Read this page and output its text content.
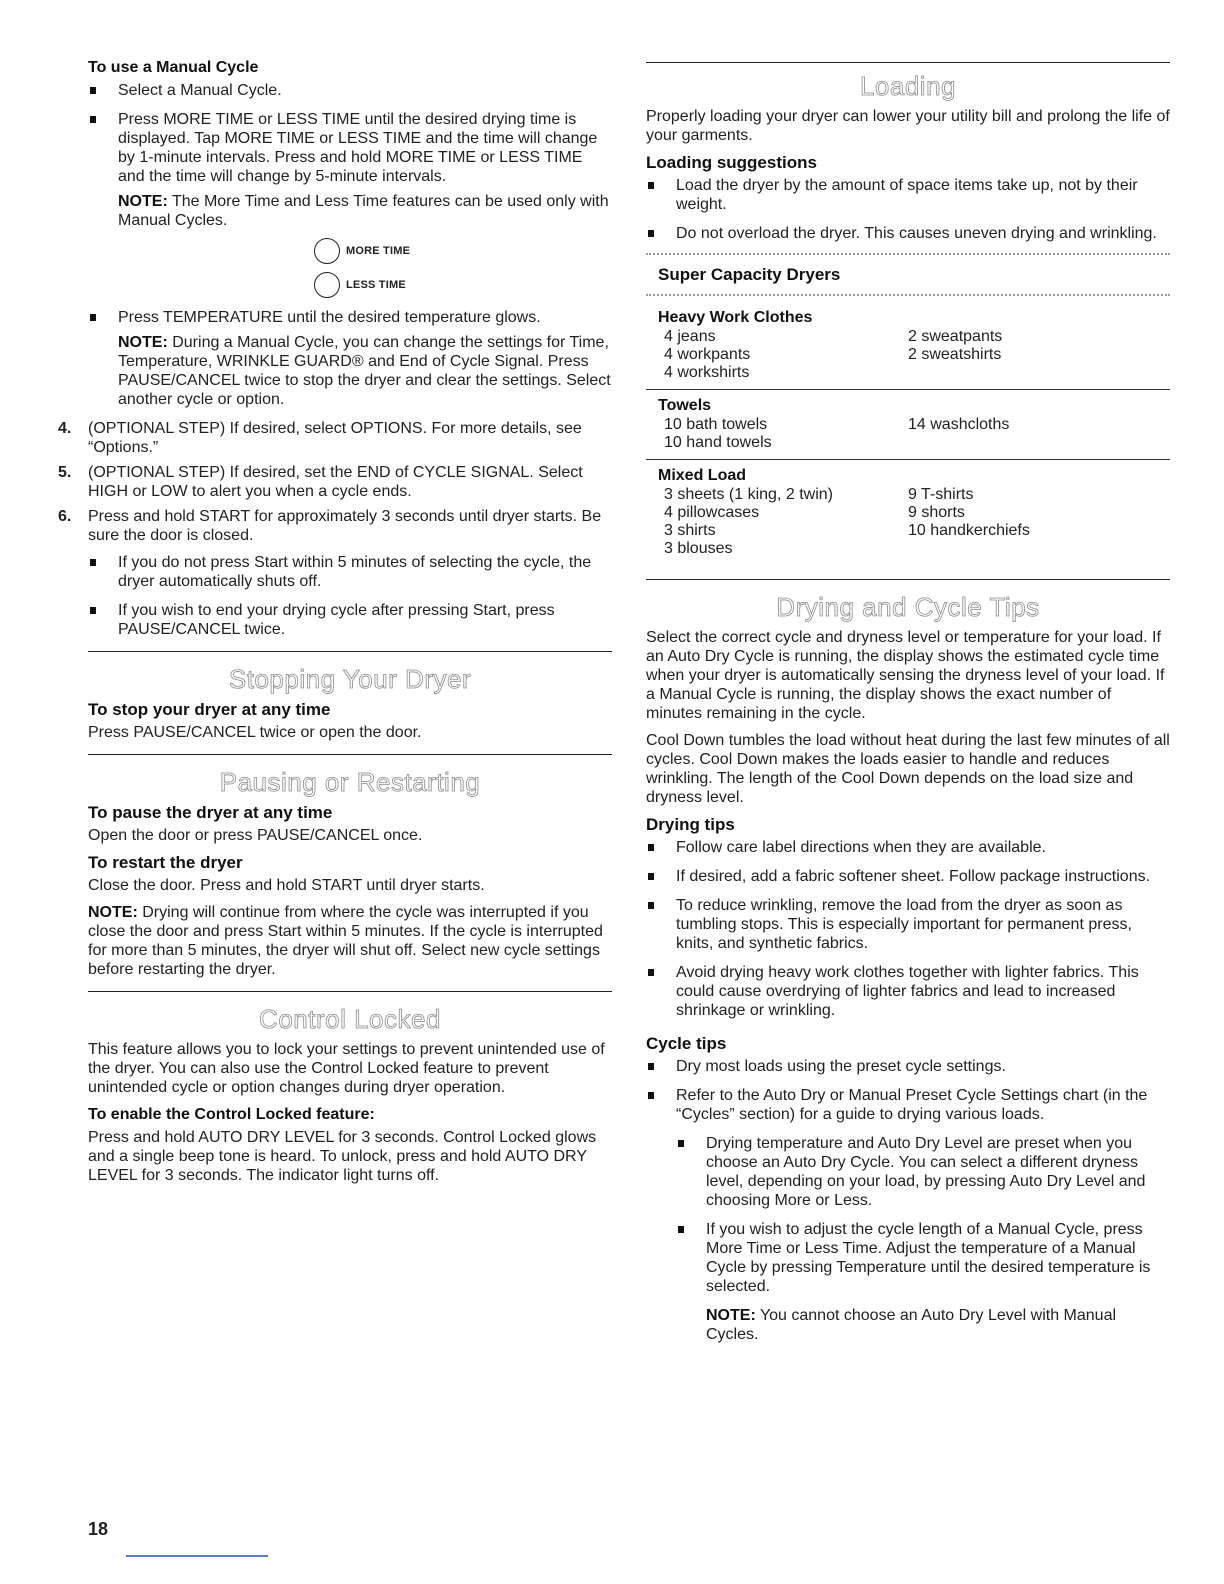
To use a Manual Cycle
Select a Manual Cycle.
Press MORE TIME or LESS TIME until the desired drying time is displayed. Tap MORE TIME or LESS TIME and the time will change by 1-minute intervals. Press and hold MORE TIME or LESS TIME and the time will change by 5-minute intervals.
NOTE: The More Time and Less Time features can be used only with Manual Cycles.
MORE TIME
LESS TIME
Press TEMPERATURE until the desired temperature glows.
NOTE: During a Manual Cycle, you can change the settings for Time, Temperature, WRINKLE GUARD® and End of Cycle Signal. Press PAUSE/CANCEL twice to stop the dryer and clear the settings. Select another cycle or option.
4. (OPTIONAL STEP) If desired, select OPTIONS. For more details, see “Options.”
5. (OPTIONAL STEP) If desired, set the END of CYCLE SIGNAL. Select HIGH or LOW to alert you when a cycle ends.
6. Press and hold START for approximately 3 seconds until dryer starts. Be sure the door is closed.
If you do not press Start within 5 minutes of selecting the cycle, the dryer automatically shuts off.
If you wish to end your drying cycle after pressing Start, press PAUSE/CANCEL twice.
Stopping Your Dryer
To stop your dryer at any time

Press PAUSE/CANCEL twice or open the door.

Pausing or Restarting
To pause the dryer at any time

Open the door or press PAUSE/CANCEL once.

To restart the dryer

Close the door. Press and hold START until dryer starts.

NOTE: Drying will continue from where the cycle was interrupted if you close the door and press Start within 5 minutes. If the cycle is interrupted for more than 5 minutes, the dryer will shut off. Select new cycle settings before restarting the dryer.

Control Locked

This feature allows you to lock your settings to prevent unintended use of the dryer. You can also use the Control Locked feature to prevent unintended cycle or option changes during dryer operation.

To enable the Control Locked feature:

Press and hold AUTO DRY LEVEL for 3 seconds. Control Locked glows and a single beep tone is heard. To unlock, press and hold AUTO DRY LEVEL for 3 seconds. The indicator light turns off.

Loading

Properly loading your dryer can lower your utility bill and prolong the life of your garments.

Loading suggestions
Load the dryer by the amount of space items take up, not by their weight.
Do not overload the dryer. This causes uneven drying and wrinkling.
Super Capacity Dryers
Heavy Work Clothes
4 jeans
4 workpants
4 workshirts
2 sweatpants
2 sweatshirts
Towels
10 bath towels
10 hand towels
14 washcloths
Mixed Load
3 sheets (1 king, 2 twin)
4 pillowcases
3 shirts
3 blouses
9 T-shirts
9 shorts
10 handkerchiefs
Drying and Cycle Tips

Select the correct cycle and dryness level or temperature for your load. If an Auto Dry Cycle is running, the display shows the estimated cycle time when your dryer is automatically sensing the dryness level of your load. If a Manual Cycle is running, the display shows the exact number of minutes remaining in the cycle.

Cool Down tumbles the load without heat during the last few minutes of all cycles. Cool Down makes the loads easier to handle and reduces wrinkling. The length of the Cool Down depends on the load size and dryness level.

Drying tips
Follow care label directions when they are available.
If desired, add a fabric softener sheet. Follow package instructions.
To reduce wrinkling, remove the load from the dryer as soon as tumbling stops. This is especially important for permanent press, knits, and synthetic fabrics.
Avoid drying heavy work clothes together with lighter fabrics. This could cause overdrying of lighter fabrics and lead to increased shrinkage or wrinkling.
Cycle tips
Dry most loads using the preset cycle settings.
Refer to the Auto Dry or Manual Preset Cycle Settings chart (in the “Cycles” section) for a guide to drying various loads.
Drying temperature and Auto Dry Level are preset when you choose an Auto Dry Cycle. You can select a different dryness level, depending on your load, by pressing Auto Dry Level and choosing More or Less.
If you wish to adjust the cycle length of a Manual Cycle, press More Time or Less Time. Adjust the temperature of a Manual Cycle by pressing Temperature until the desired temperature is selected.
NOTE: You cannot choose an Auto Dry Level with Manual Cycles.
18
